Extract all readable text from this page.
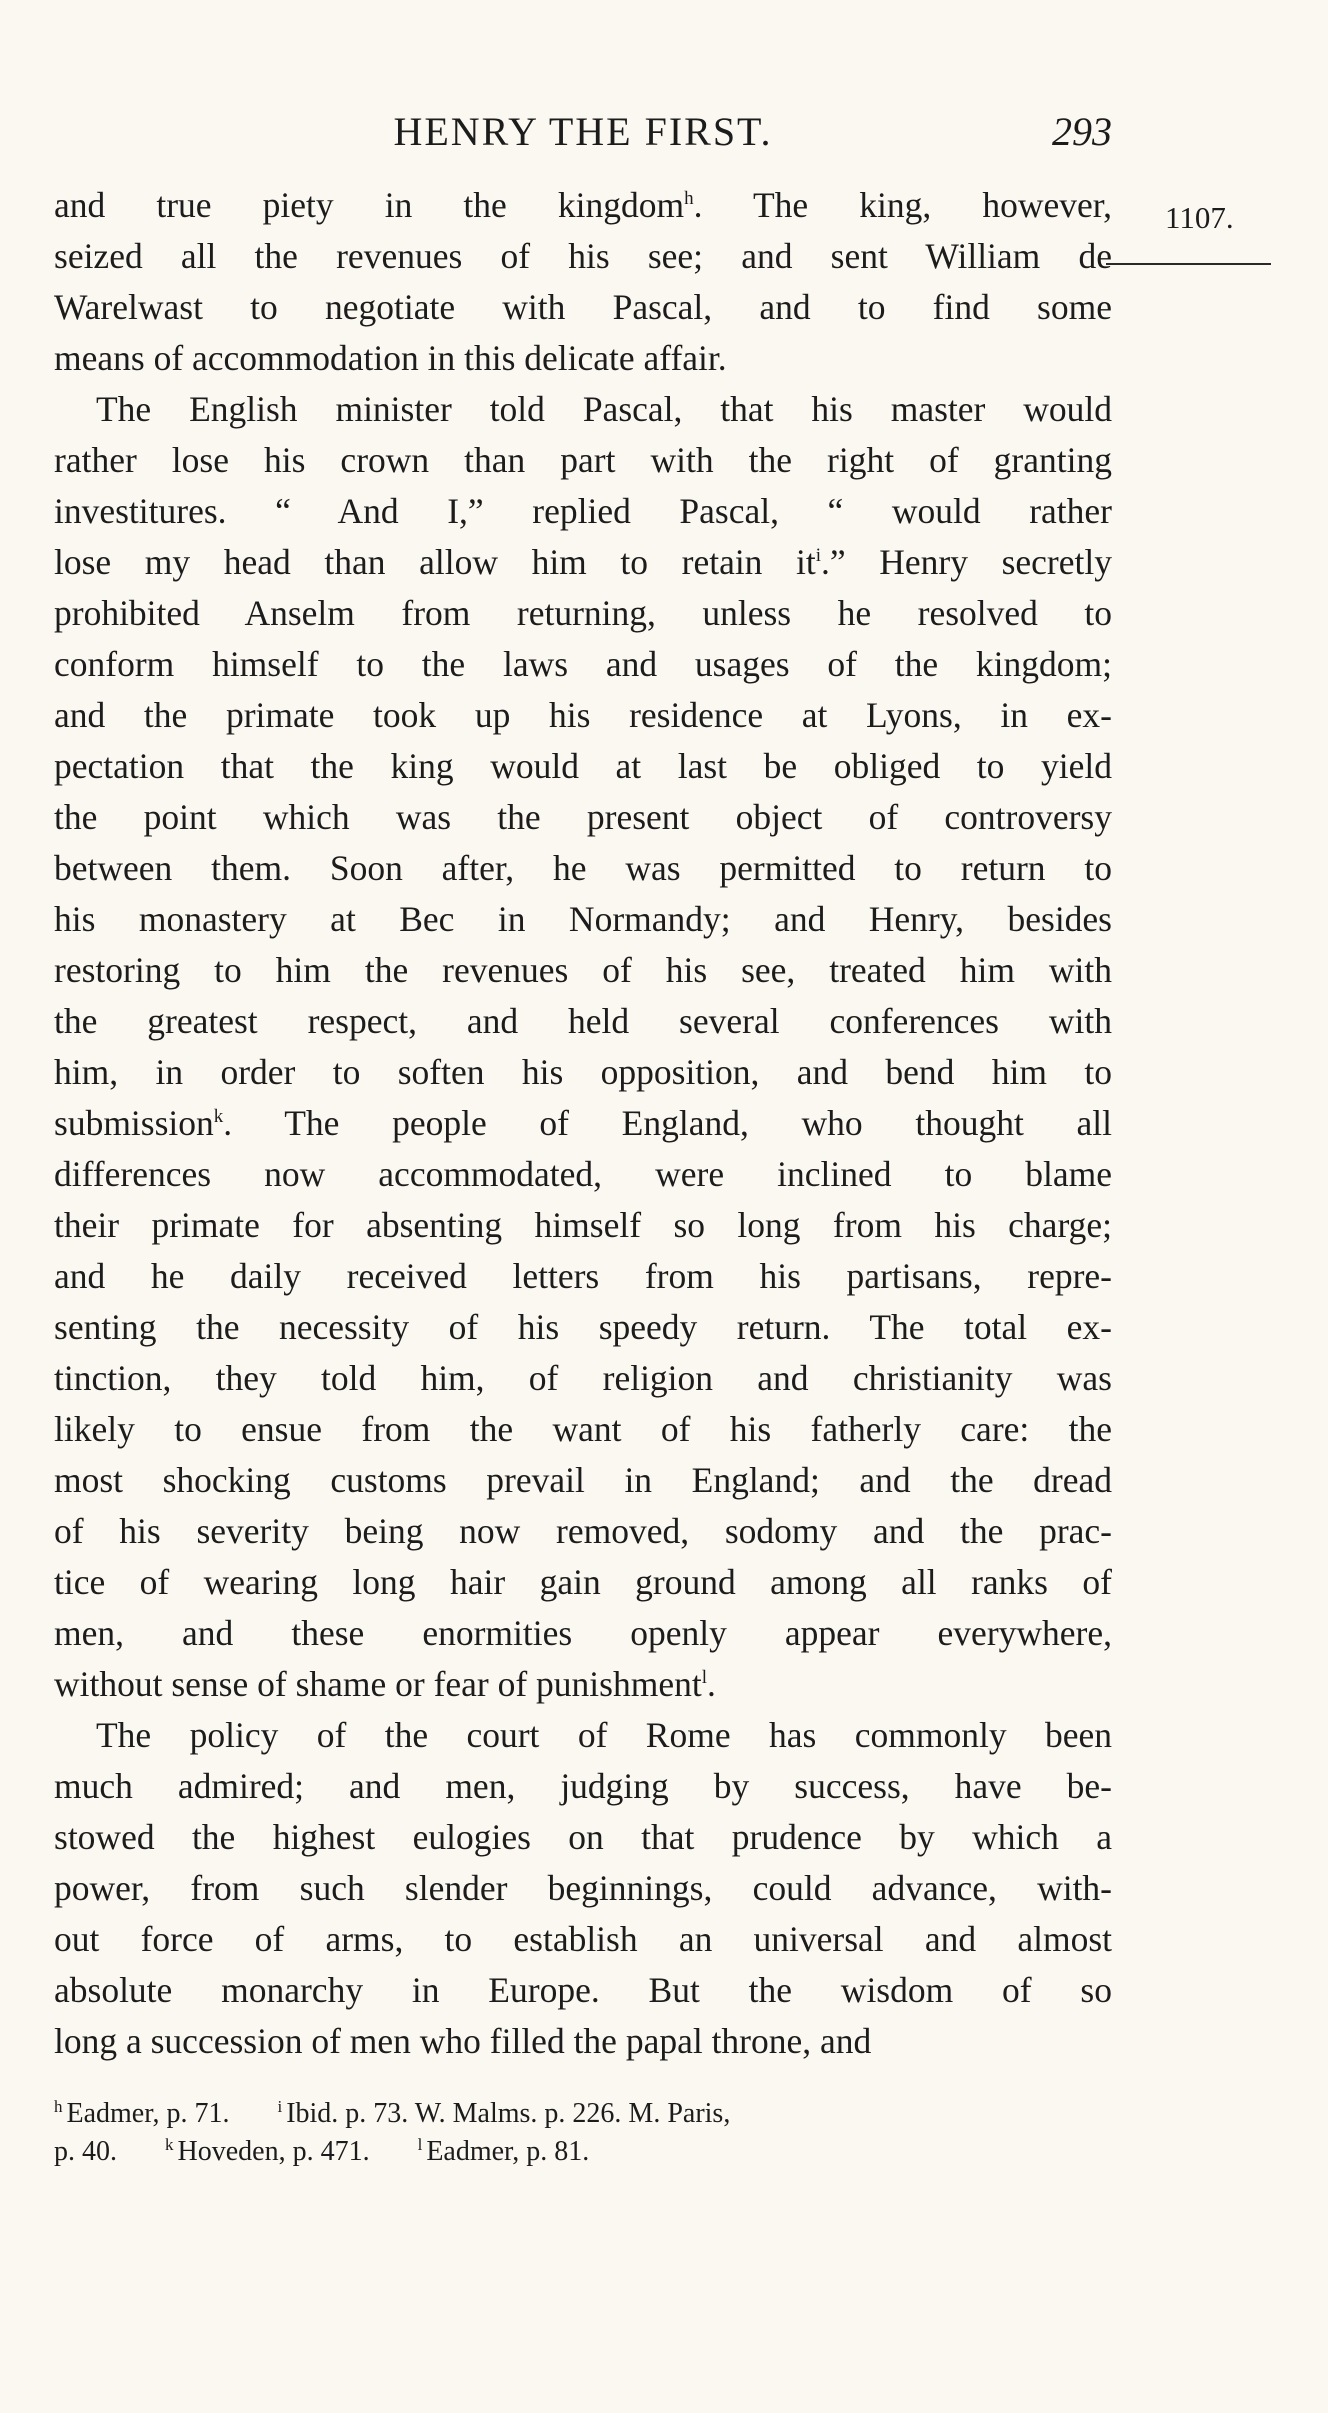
HENRY THE FIRST.	293
1107.
and true piety in the kingdom$^h$. The king, however,
seized all the revenues of his see; and sent William de
Warelwast to negotiate with Pascal, and to find some
means of accommodation in this delicate affair.
The English minister told Pascal, that his master would
rather lose his crown than part with the right of granting
investitures. “ And I,” replied Pascal, “ would rather
lose my head than allow him to retain it$^i$.” Henry secretly
prohibited Anselm from returning, unless he resolved to
conform himself to the laws and usages of the kingdom;
and the primate took up his residence at Lyons, in ex-
pectation that the king would at last be obliged to yield
the point which was the present object of controversy
between them. Soon after, he was permitted to return to
his monastery at Bec in Normandy; and Henry, besides
restoring to him the revenues of his see, treated him with
the greatest respect, and held several conferences with
him, in order to soften his opposition, and bend him to
submission$^k$. The people of England, who thought all
differences now accommodated, were inclined to blame
their primate for absenting himself so long from his charge;
and he daily received letters from his partisans, repre-
senting the necessity of his speedy return. The total ex-
tinction, they told him, of religion and christianity was
likely to ensue from the want of his fatherly care: the
most shocking customs prevail in England; and the dread
of his severity being now removed, sodomy and the prac-
tice of wearing long hair gain ground among all ranks of
men, and these enormities openly appear everywhere,
without sense of shame or fear of punishment$^l$.
The policy of the court of Rome has commonly been
much admired; and men, judging by success, have be-
stowed the highest eulogies on that prudence by which a
power, from such slender beginnings, could advance, with-
out force of arms, to establish an universal and almost
absolute monarchy in Europe. But the wisdom of so
long a succession of men who filled the papal throne, and
$^h$ Eadmer, p. 71.	$^i$ Ibid. p. 73. W. Malms. p. 226. M. Paris,
p. 40.	$^k$ Hoveden, p. 471.	$^l$ Eadmer, p. 81.
